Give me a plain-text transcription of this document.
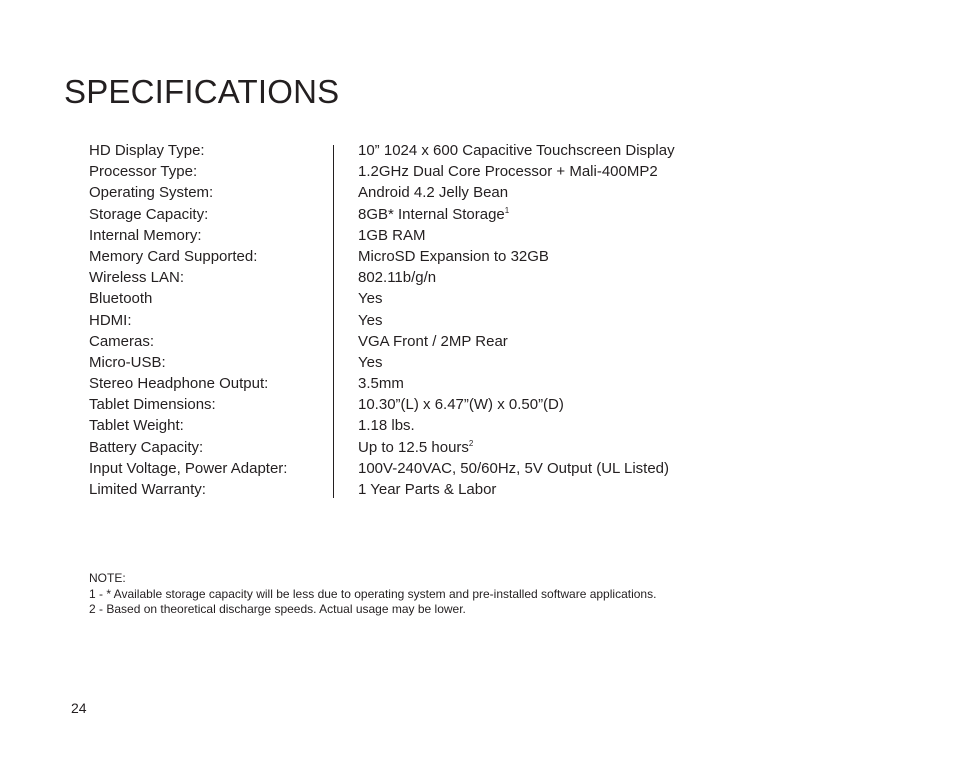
SPECIFICATIONS
HD Display Type:	10” 1024 x 600 Capacitive Touchscreen Display
Processor Type:	1.2GHz Dual Core Processor + Mali-400MP2
Operating System:	Android 4.2 Jelly Bean
Storage Capacity:	8GB* Internal Storage$^1$
Internal Memory:	1GB RAM
Memory Card Supported:	MicroSD Expansion to 32GB
Wireless LAN:	802.11b/g/n
Bluetooth	Yes
HDMI:	Yes
Cameras:	VGA Front / 2MP Rear
Micro-USB:	Yes
Stereo Headphone Output:	3.5mm
Tablet Dimensions:	10.30”(L) x 6.47”(W) x 0.50”(D)
Tablet Weight:	1.18 lbs.
Battery Capacity:	Up to 12.5 hours$^2$
Input Voltage, Power Adapter:	100V-240VAC, 50/60Hz, 5V Output (UL Listed)
Limited Warranty:	1 Year Parts & Labor
NOTE:
1 - * Available storage capacity will be less due to operating system and pre-installed software applications.
2 - Based on theoretical discharge speeds. Actual usage may be lower.
24
